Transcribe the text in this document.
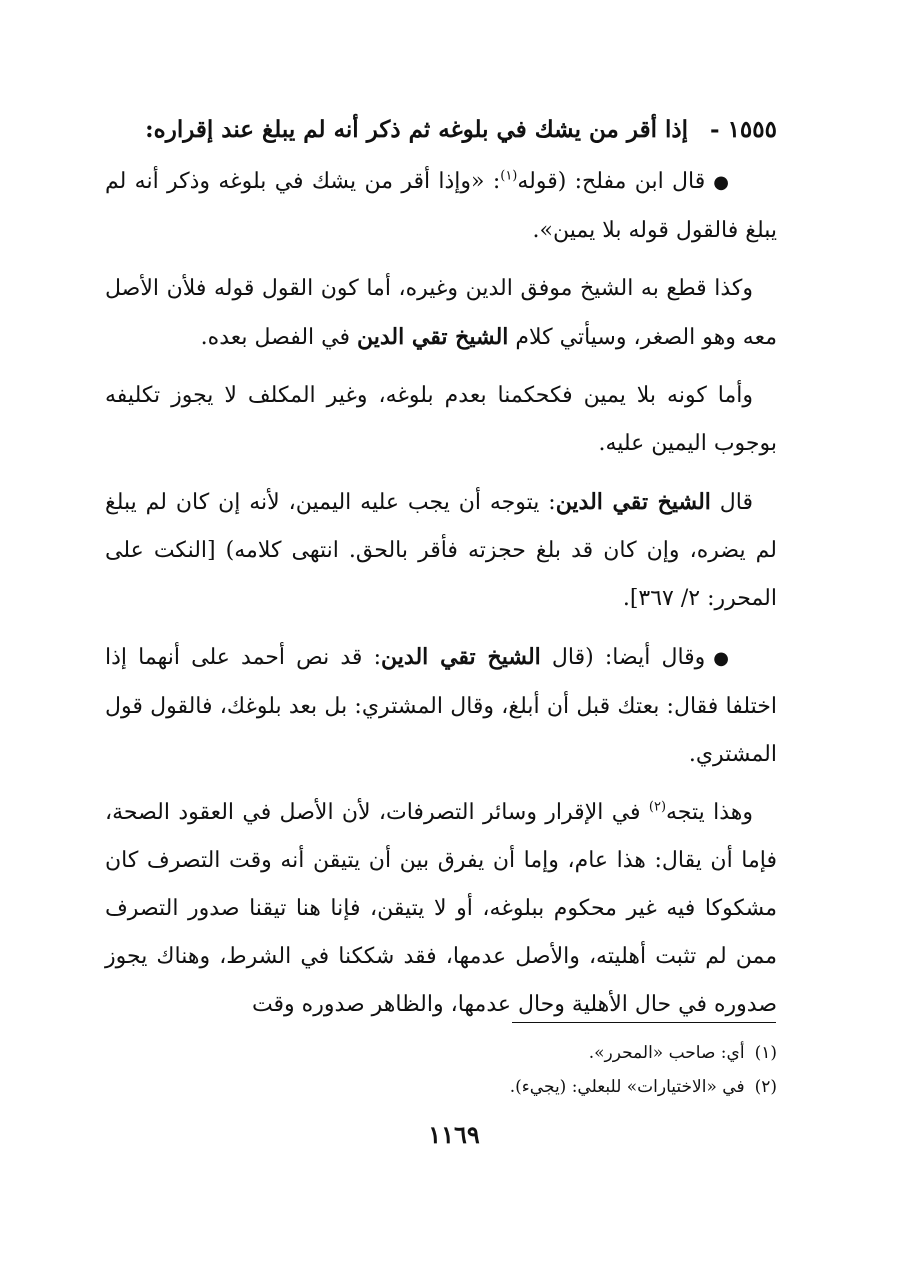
١٥٥٥ - إذا أقر من يشك في بلوغه ثم ذكر أنه لم يبلغ عند إقراره:

●قال ابن مفلح: (قوله$^{(١)}$: «وإذا أقر من يشك في بلوغه وذكر أنه لم يبلغ فالقول قوله بلا يمين».

وكذا قطع به الشيخ موفق الدين وغيره، أما كون القول قوله فلأن الأصل معه وهو الصغر، وسيأتي كلام الشيخ تقي الدين في الفصل بعده.

وأما كونه بلا يمين فكحكمنا بعدم بلوغه، وغير المكلف لا يجوز تكليفه بوجوب اليمين عليه.

قال الشيخ تقي الدين: يتوجه أن يجب عليه اليمين، لأنه إن كان لم يبلغ لم يضره، وإن كان قد بلغ حجزته فأقر بالحق. انتهى كلامه) [النكت على المحرر: ٢/ ٣٦٧].

●وقال أيضا: (قال الشيخ تقي الدين: قد نص أحمد على أنهما إذا اختلفا فقال: بعتك قبل أن أبلغ، وقال المشتري: بل بعد بلوغك، فالقول قول المشتري.

وهذا يتجه$^{(٢)}$ في الإقرار وسائر التصرفات، لأن الأصل في العقود الصحة، فإما أن يقال: هذا عام، وإما أن يفرق بين أن يتيقن أنه وقت التصرف كان مشكوكا فيه غير محكوم ببلوغه، أو لا يتيقن، فإنا هنا تيقنا صدور التصرف ممن لم تثبت أهليته، والأصل عدمها، فقد شككنا في الشرط، وهناك يجوز صدوره في حال الأهلية وحال عدمها، والظاهر صدوره وقت

(١)أي: صاحب «المحرر».
(٢)في «الاختيارات» للبعلي: (يجيء).
١١٦٩
